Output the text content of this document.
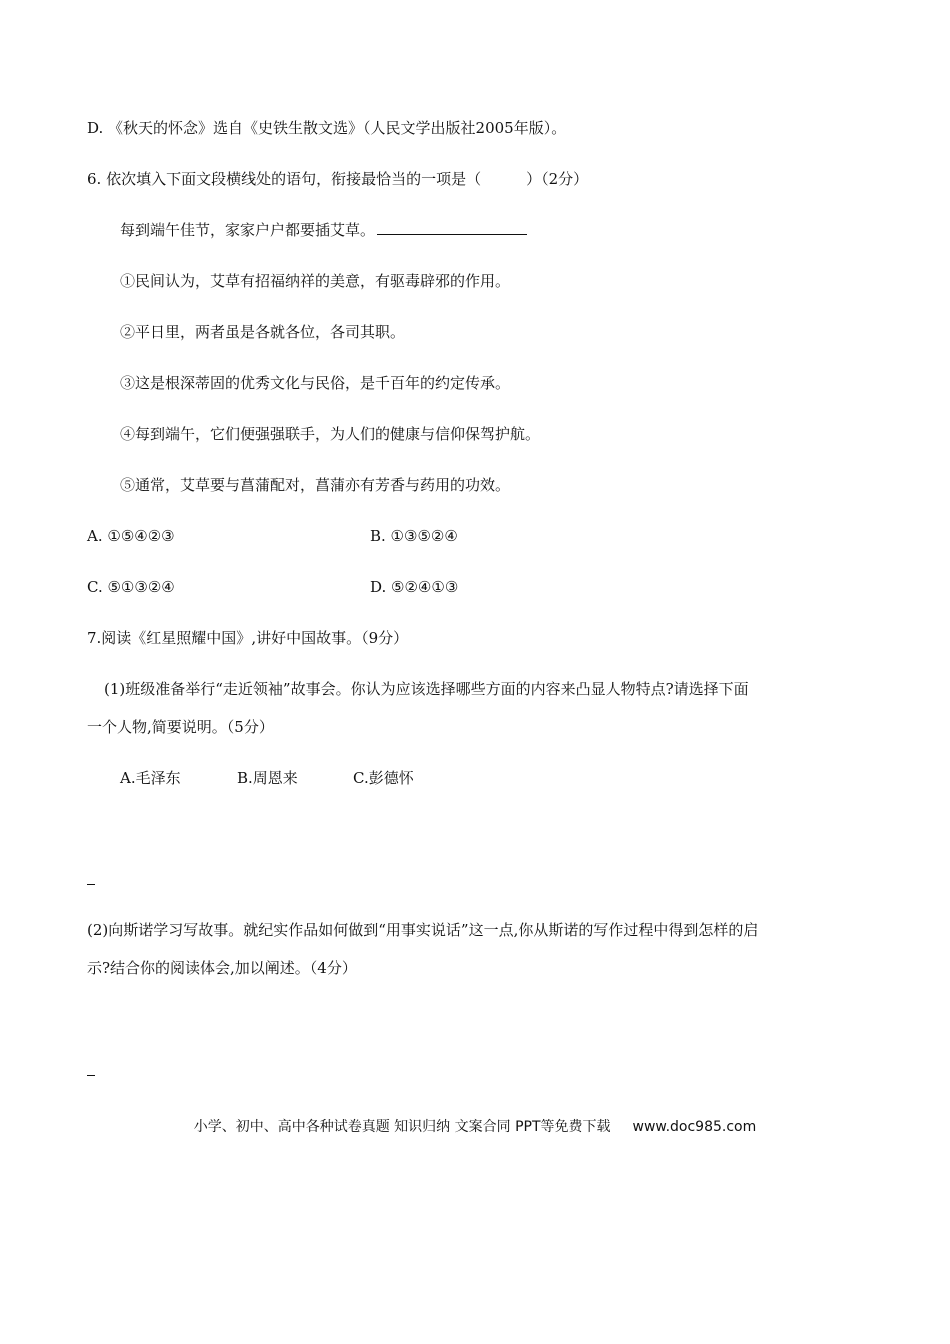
D. 《秋天的怀念》选自《史铁生散文选》（人民文学出版社2005年版）。
6. 依次填入下面文段横线处的语句，衔接最恰当的一项是（　　　）（2分）
每到端午佳节，家家户户都要插艾草。
①民间认为，艾草有招福纳祥的美意，有驱毒辟邪的作用。
②平日里，两者虽是各就各位，各司其职。
③这是根深蒂固的优秀文化与民俗，是千百年的约定传承。
④每到端午，它们便强强联手，为人们的健康与信仰保驾护航。
⑤通常，艾草要与菖蒲配对，菖蒲亦有芳香与药用的功效。
A. ①⑤④②③	B. ①③⑤②④
C. ⑤①③②④	D. ⑤②④①③
7.阅读《红星照耀中国》,讲好中国故事。（9分）
(1)班级准备举行“走近领袖”故事会。你认为应该选择哪些方面的内容来凸显人物特点?请选择下面
一个人物,简要说明。（5分）
A.毛泽东	B.周恩来	C.彭德怀
(2)向斯诺学习写故事。就纪实作品如何做到“用事实说话”这一点,你从斯诺的写作过程中得到怎样的启
示?结合你的阅读体会,加以阐述。（4分）
小学、初中、高中各种试卷真题 知识归纳 文案合同 PPT等免费下载 www.doc985.com
